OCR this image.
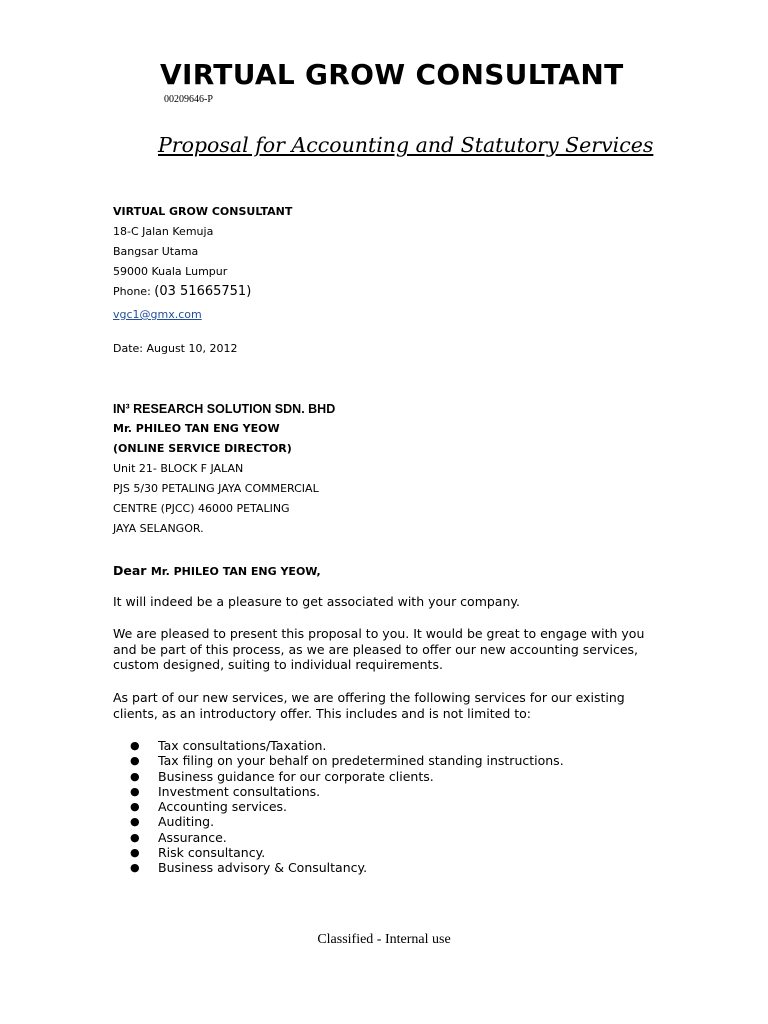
VIRTUAL GROW CONSULTANT
00209646-P
Proposal for Accounting and Statutory Services
VIRTUAL GROW CONSULTANT
18-C Jalan Kemuja
Bangsar Utama
59000 Kuala Lumpur
Phone: (03 51665751)
vgc1@gmx.com
Date: August 10, 2012
IN³ RESEARCH SOLUTION SDN. BHD
Mr. PHILEO TAN ENG YEOW
(ONLINE SERVICE DIRECTOR)
Unit 21- BLOCK F JALAN
PJS 5/30 PETALING JAYA COMMERCIAL
CENTRE (PJCC) 46000 PETALING
JAYA SELANGOR.
Dear Mr. PHILEO TAN ENG YEOW,
It will indeed be a pleasure to get associated with your company.
We are pleased to present this proposal to you. It would be great to engage with you
and be part of this process, as we are pleased to offer our new accounting services,
custom designed, suiting to individual requirements.
As part of our new services, we are offering the following services for our existing
clients, as an introductory offer. This includes and is not limited to:
● Tax consultations/Taxation.
● Tax filing on your behalf on predetermined standing instructions.
● Business guidance for our corporate clients.
● Investment consultations.
● Accounting services.
● Auditing.
● Assurance.
● Risk consultancy.
● Business advisory & Consultancy.
Classified - Internal use
